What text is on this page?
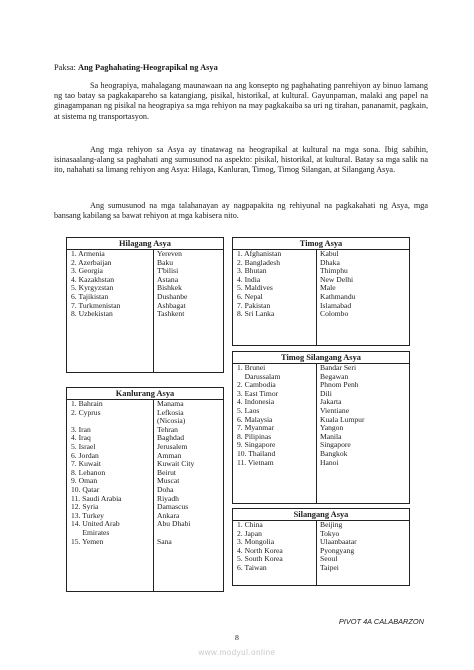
Paksa: Ang Paghahating-Heograpikal ng Asya

Sa heograpiya, mahalagang maunawaan na ang konsepto ng paghahating panrehiyon ay binuo lamang ng tao batay sa pagkakapareho sa katangiang, pisikal, historikal, at kultural. Gayunpaman, malaki ang papel na ginagampanan ng pisikal na heograpiya sa mga rehiyon na may pagkakaiba sa uri ng tirahan, pananamit, pagkain, at sistema ng transportasyon.

Ang mga rehiyon sa Asya ay tinatawag na heograpikal at kultural na mga sona. Ibig sabihin, isinasaalang-alang sa paghahati ang sumusunod na aspekto: pisikal, historikal, at kultural. Batay sa mga salik na ito, nahahati sa limang rehiyon ang Asya: Hilaga, Kanluran, Timog, Timog Silangan, at Silangang Asya.

Ang sumusunod na mga talahanayan ay nagpapakita ng rehiyunal na pagkakahati ng Asya, mga bansang kabilang sa bawat rehiyon at mga kabisera nito.

Hilagang Asya
1. Armenia	Yereven
2. Azerbaijan	Baku
3. Georgia	T'bilisi
4. Kazakhstan	Astana
5. Kyrgyzstan	Bishkek
6. Tajikistan	Dushanbe
7. Turkmenistan	Ashbagat
8. Uzbekistan	Tashkent
Kanlurang Asya
1. Bahrain	Manama
2. Cyprus	Lefkosia
(Nicosia)
3. Iran	Tehran
4. Iraq	Baghdad
5. Israel	Jerusalem
6. Jordan	Amman
7. Kuwait	Kuwait City
8. Lebanon	Beirut
9. Oman	Muscat
10. Qatar	Doha
11. Saudi Arabia	Riyadh
12. Syria	Damascus
13. Turkey	Ankara
14. United Arab	Abu Dhabi
Emirates
15. Yemen	Sana
Timog Asya
1. Afghanistan	Kabul
2. Bangladesh	Dhaka
3. Bhutan	Thimphu
4. India	New Delhi
5. Maldives	Male
6. Nepal	Kathmandu
7. Pakistan	Islamabad
8. Sri Lanka	Colombo
Timog Silangang Asya
1. Brunei	Bandar Seri
Darussalam	Begawan
2. Cambodia	Phnom Penh
3. East Timor	Dili
4. Indonesia	Jakarta
5. Laos	Vientiane
6. Malaysia	Kuala Lumpur
7. Myanmar	Yangon
8. Pilipinas	Manila
9. Singapore	Singapore
10. Thailand	Bangkok
11. Vietnam	Hanoi
Silangang Asya
1. China	Beijing
2. Japan	Tokyo
3. Mongolia	Ulaanbaatar
4. North Korea	Pyongyang
5. South Korea	Seoul
6. Taiwan	Taipei
PIVOT 4A CALABARZON
8
www.modyul.online
